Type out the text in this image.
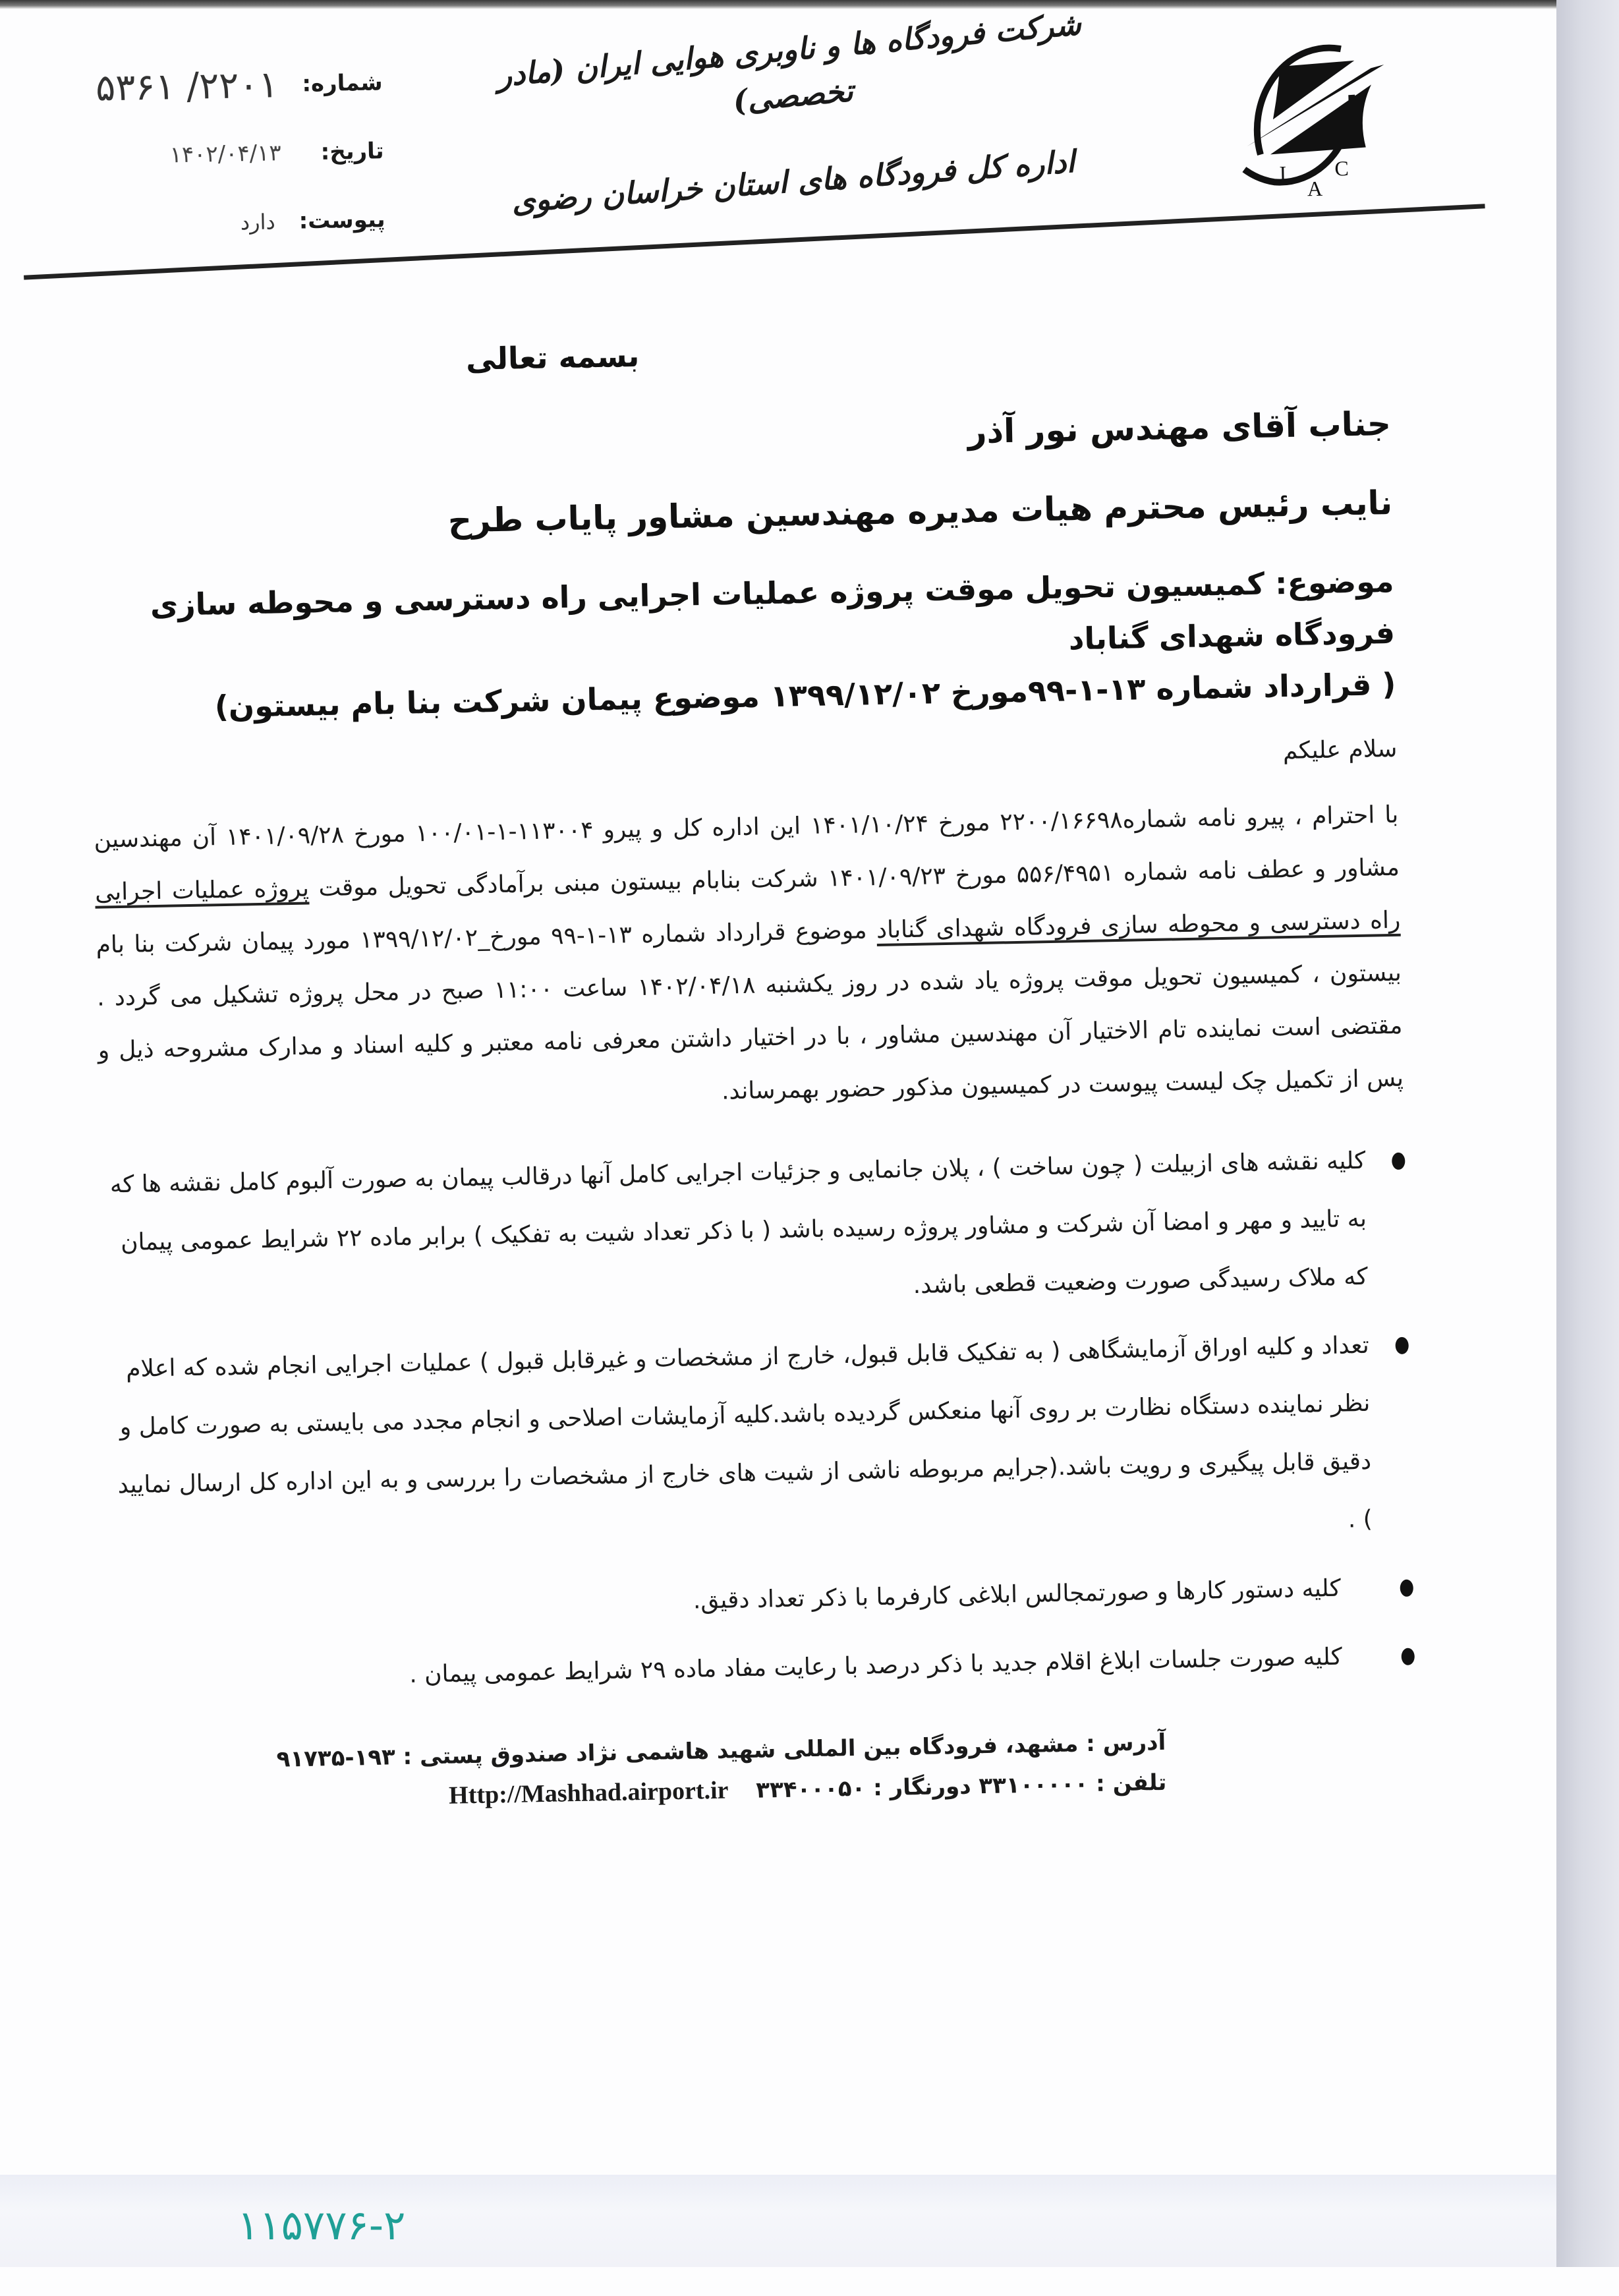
شماره:
۲۲۰۱/ ۵۳۶۱
تاریخ:
۱۴۰۲/۰۴/۱۳
پیوست:
دارد
شرکت فرودگاه ها و ناوبری هوایی ایران (مادر تخصصی)
اداره کل فرودگاه های استان خراسان رضوی	I
A
C
بسمه تعالی
جناب آقای مهندس نور آذر
نایب رئیس محترم هیات مدیره مهندسین مشاور پایاب طرح
موضوع: کمیسیون تحویل موقت پروژه عملیات اجرایی راه دسترسی و محوطه سازی فرودگاه شهدای گناباد
( قرارداد شماره ۱۳-۱-۹۹مورخ ۱۳۹۹/۱۲/۰۲ موضوع پیمان شرکت بنا بام بیستون)
سلام علیکم
با احترام ، پیرو نامه شماره۲۲۰۰/۱۶۶۹۸ مورخ ۱۴۰۱/۱۰/۲۴ این اداره کل و پیرو ۱۱۳۰۰۴-۱-۱۰۰/۰۱ مورخ ۱۴۰۱/۰۹/۲۸ آن مهندسین مشاور و عطف نامه شماره ۵۵۶/۴۹۵۱ مورخ ۱۴۰۱/۰۹/۲۳ شرکت بنابام بیستون مبنی برآمادگی تحویل موقت پروژه عملیات اجرایی راه دسترسی و محوطه سازی فرودگاه شهدای گناباد موضوع قرارداد شماره ۱۳-۱-۹۹ مورخ_۱۳۹۹/۱۲/۰۲ مورد پیمان شرکت بنا بام بیستون ، کمیسیون تحویل موقت پروژه یاد شده در روز یکشنبه ۱۴۰۲/۰۴/۱۸ ساعت ۱۱:۰۰ صبح در محل پروژه تشکیل می گردد . مقتضی است نماینده تام الاختیار آن مهندسین مشاور ، با در اختیار داشتن معرفی نامه معتبر و کلیه اسناد و مدارک مشروحه ذیل و پس از تکمیل چک لیست پیوست در کمیسیون مذکور حضور بهمرساند.
کلیه نقشه های ازبیلت ( چون ساخت ) ، پلان جانمایی و جزئیات اجرایی کامل آنها درقالب پیمان به صورت آلبوم کامل نقشه ها که به تایید و مهر و امضا آن شرکت و مشاور پروژه رسیده باشد ( با ذکر تعداد شیت به تفکیک ) برابر ماده ۲۲ شرایط عمومی پیمان که ملاک رسیدگی صورت وضعیت قطعی باشد.
تعداد و کلیه اوراق آزمایشگاهی ( به تفکیک قابل قبول، خارج از مشخصات و غیرقابل قبول ) عملیات اجرایی انجام شده که اعلام نظر نماینده دستگاه نظارت بر روی آنها منعکس گردیده باشد.کلیه آزمایشات اصلاحی و انجام مجدد می بایستی به صورت کامل و دقیق قابل پیگیری و رویت باشد.(جرایم مربوطه ناشی از شیت های خارج از مشخصات را بررسی و به این اداره کل ارسال نمایید ) .
کلیه دستور کارها و صورتمجالس ابلاغی کارفرما با ذکر تعداد دقیق.
کلیه صورت جلسات ابلاغ اقلام جدید با ذکر درصد با رعایت مفاد ماده ۲۹ شرایط عمومی پیمان .
آدرس : مشهد، فرودگاه بین المللی شهید هاشمی نژاد صندوق پستی : ۱۹۳-۹۱۷۳۵
تلفن : ۳۳۱۰۰۰۰۰ دورنگار : ۳۳۴۰۰۰۵۰ Http://Mashhad.airport.ir
۱۱۵۷۷۶-۲
